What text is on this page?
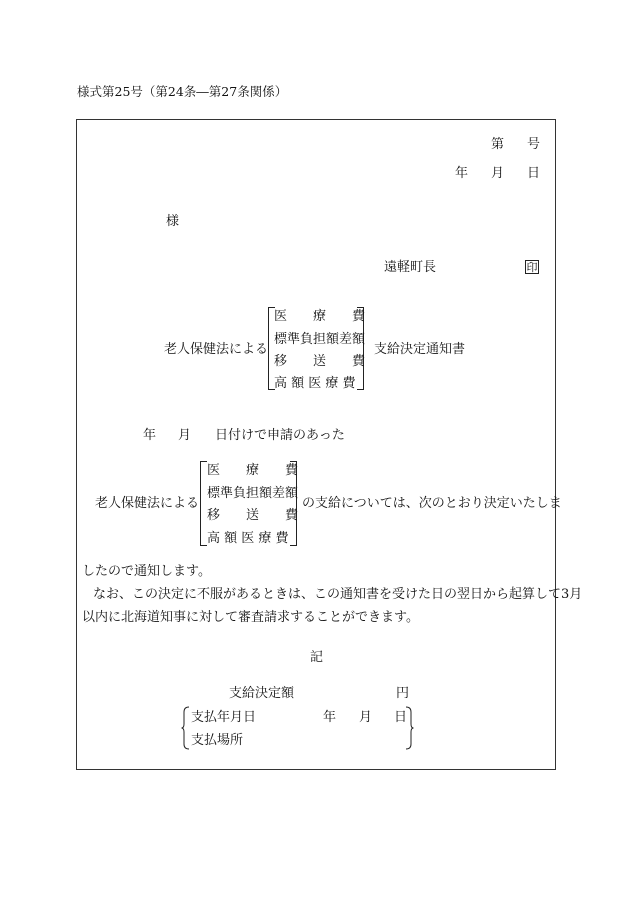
様式第25号（第24条―第27条関係）
第 号
年 月 日
様
遠軽町長	印
老人保健法による
医　　療　　費
標準負担額差額
移　　送　　費
高 額 医 療 費
支給決定通知書
年 月 日付けで申請のあった
老人保健法による
医　　療　　費
標準負担額差額
移　　送　　費
高 額 医 療 費
の支給については、次のとおり決定いたしま
したので通知します。
なお、この決定に不服があるときは、この通知書を受けた日の翌日から起算して3月
以内に北海道知事に対して審査請求することができます。
記
支給決定額	円
支払年月日	年 月 日
支払場所
